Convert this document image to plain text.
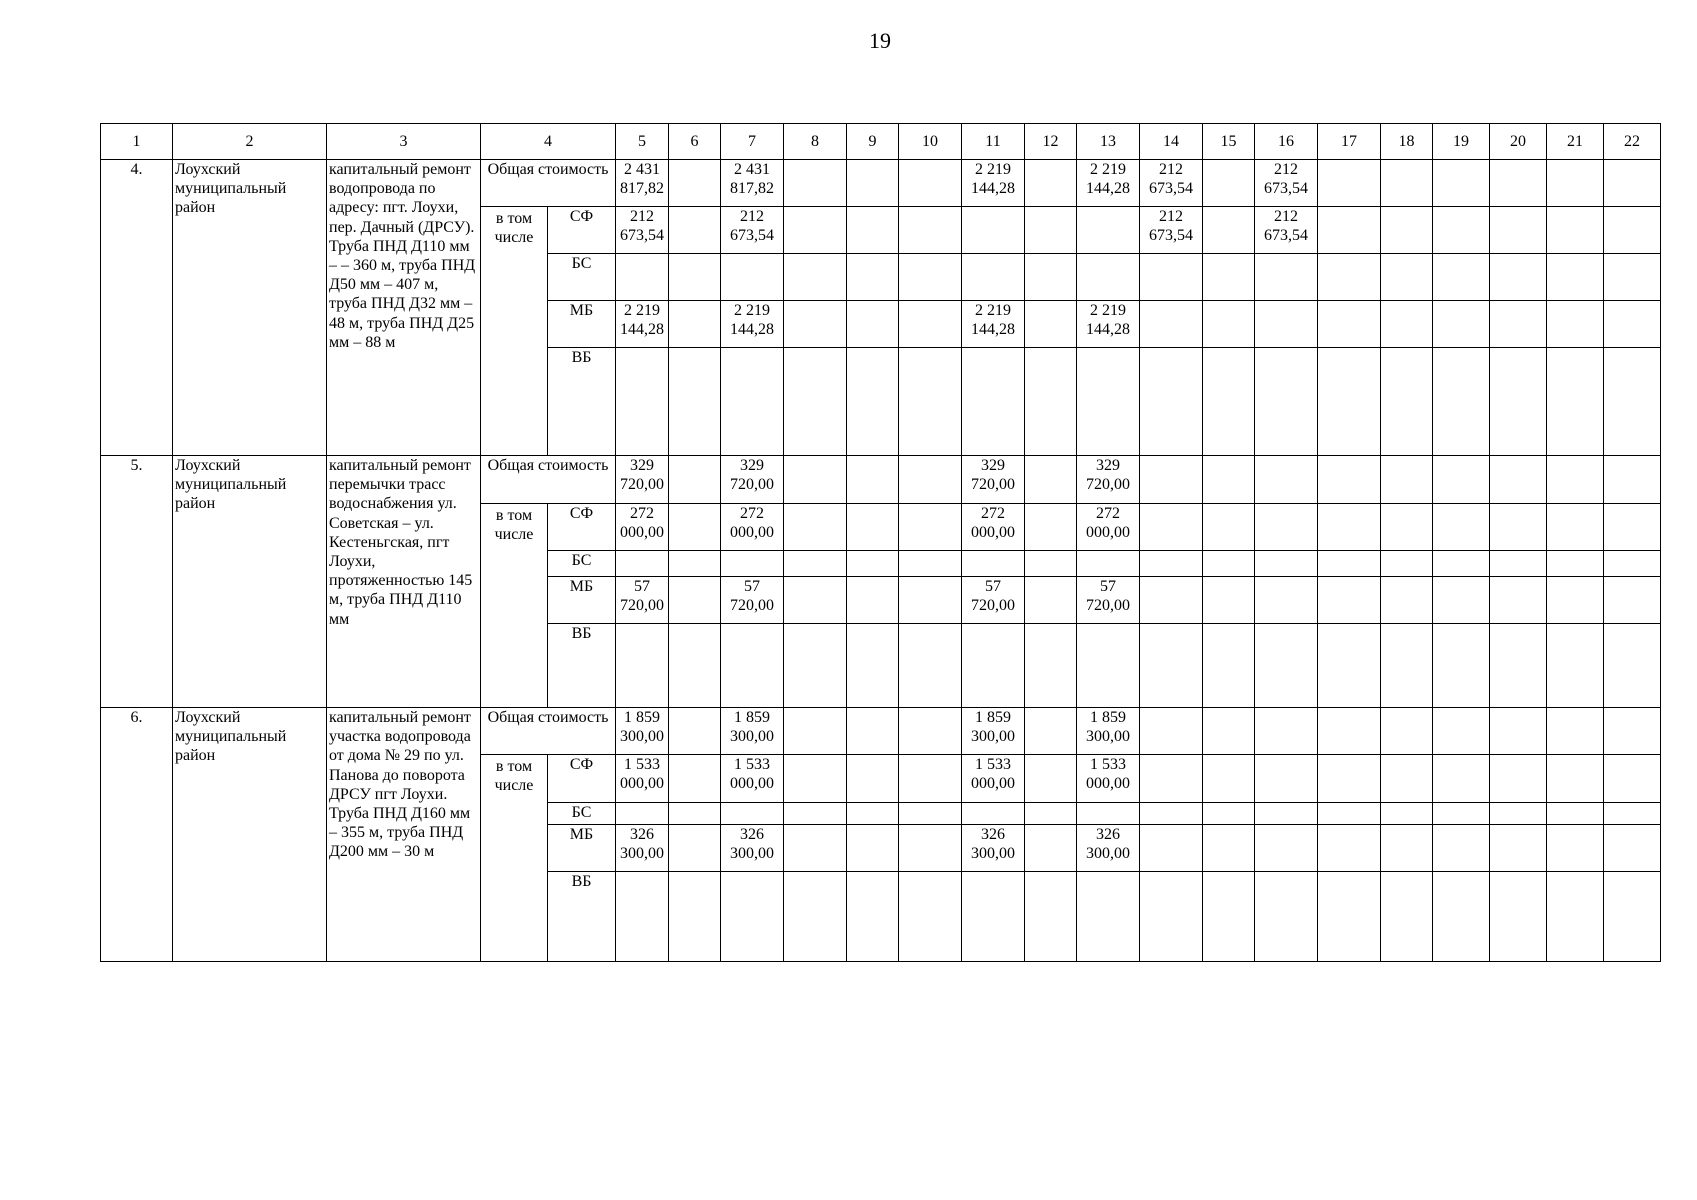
19
1	2	3	4		5	6	7	8	9	10	11	12	13	14	15	16	17	18	19	20	21	22
4.	Лоухский муниципальный район	капитальный ремонт водопровода по адресу: пгт. Лоухи, пер. Дачный (ДРСУ). Труба ПНД Д110 мм – – 360 м, труба ПНД Д50 мм – 407 м, труба ПНД Д32 мм – 48 м, труба ПНД Д25 мм – 88 м	Общая стоимость		2 431 817,82		2 431 817,82				2 219 144,28		2 219 144,28	212 673,54		212 673,54						
			в том числе	СФ	212 673,54		212 673,54							212 673,54		212 673,54						
				БС																		
				МБ	2 219 144,28		2 219 144,28				2 219 144,28		2 219 144,28									
				ВБ																		
5.	Лоухский муниципальный район	капитальный ремонт перемычки трасс водоснабжения ул. Советская – ул. Кестеньгская, пгт Лоухи, протяженностью 145 м, труба ПНД Д110 мм	Общая стоимость		329 720,00		329 720,00				329 720,00		329 720,00									
			в том числе	СФ	272 000,00		272 000,00				272 000,00		272 000,00									
				БС																		
				МБ	57 720,00		57 720,00				57 720,00		57 720,00									
				ВБ																		
6.	Лоухский муниципальный район	капитальный ремонт участка водопровода от дома № 29 по ул. Панова до поворота ДРСУ пгт Лоухи. Труба ПНД Д160 мм – 355 м, труба ПНД Д200 мм – 30 м	Общая стоимость		1 859 300,00		1 859 300,00				1 859 300,00		1 859 300,00									
			в том числе	СФ	1 533 000,00		1 533 000,00				1 533 000,00		1 533 000,00									
				БС																		
				МБ	326 300,00		326 300,00				326 300,00		326 300,00									
				ВБ																		
